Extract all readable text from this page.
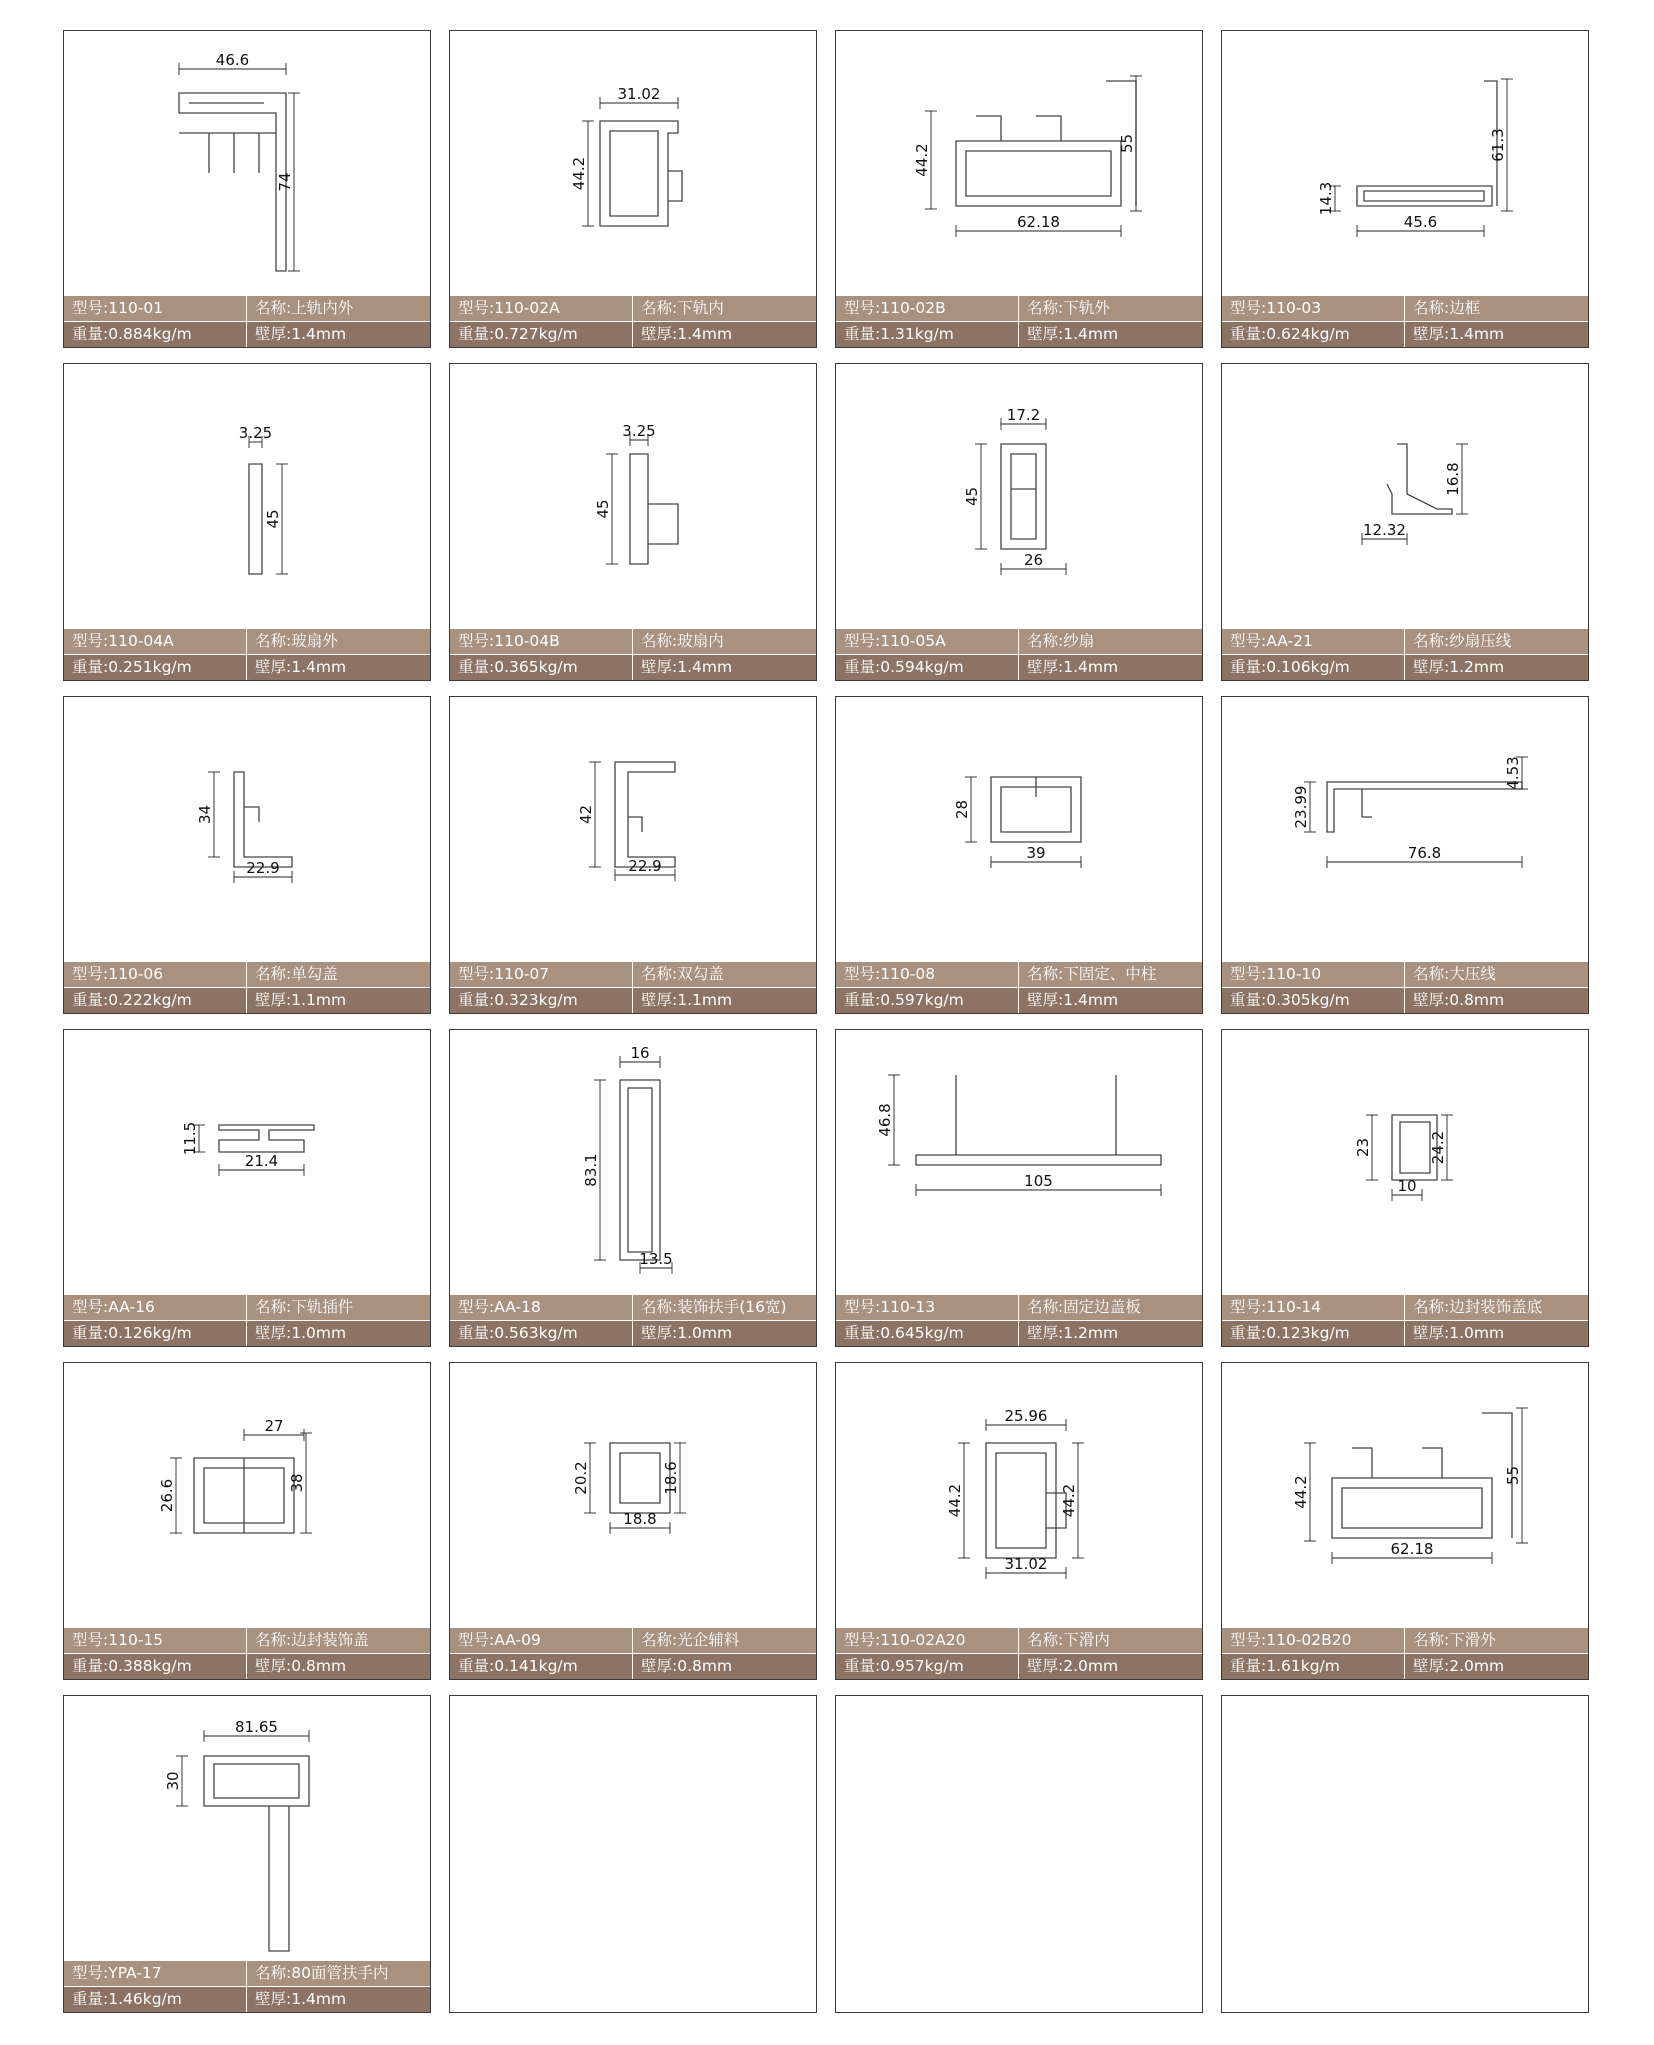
46.6
74
型号:110-01	名称:上轨内外
重量:0.884kg/m	壁厚:1.4mm
31.02
44.2
型号:110-02A	名称:下轨内
重量:0.727kg/m	壁厚:1.4mm
44.2	55
62.18
型号:110-02B	名称:下轨外
重量:1.31kg/m	壁厚:1.4mm
61.3
14.3
45.6
型号:110-03	名称:边框
重量:0.624kg/m	壁厚:1.4mm
3.25
45
型号:110-04A	名称:玻扇外
重量:0.251kg/m	壁厚:1.4mm
3.25
45
型号:110-04B	名称:玻扇内
重量:0.365kg/m	壁厚:1.4mm
17.2
45
26
型号:110-05A	名称:纱扇
重量:0.594kg/m	壁厚:1.4mm
16.8
12.32
型号:AA-21	名称:纱扇压线
重量:0.106kg/m	壁厚:1.2mm
34
22.9
型号:110-06	名称:单勾盖
重量:0.222kg/m	壁厚:1.1mm
42
22.9
型号:110-07	名称:双勾盖
重量:0.323kg/m	壁厚:1.1mm
28
39
型号:110-08	名称:下固定、中柱
重量:0.597kg/m	壁厚:1.4mm
4.53
23.99
76.8
型号:110-10	名称:大压线
重量:0.305kg/m	壁厚:0.8mm
11.5
21.4
型号:AA-16	名称:下轨插件
重量:0.126kg/m	壁厚:1.0mm
16
83.1
13.5
型号:AA-18	名称:装饰扶手(16宽)
重量:0.563kg/m	壁厚:1.0mm
46.8
105
型号:110-13	名称:固定边盖板
重量:0.645kg/m	壁厚:1.2mm
23	24.2
10
型号:110-14	名称:边封装饰盖底
重量:0.123kg/m	壁厚:1.0mm
27
26.6	38
型号:110-15	名称:边封装饰盖
重量:0.388kg/m	壁厚:0.8mm
20.2	18.6
18.8
型号:AA-09	名称:光企辅料
重量:0.141kg/m	壁厚:0.8mm
25.96
44.2	44.2
31.02
型号:110-02A20	名称:下滑内
重量:0.957kg/m	壁厚:2.0mm
44.2	55
62.18
型号:110-02B20	名称:下滑外
重量:1.61kg/m	壁厚:2.0mm
81.65
30
型号:YPA-17	名称:80面管扶手内
重量:1.46kg/m	壁厚:1.4mm
